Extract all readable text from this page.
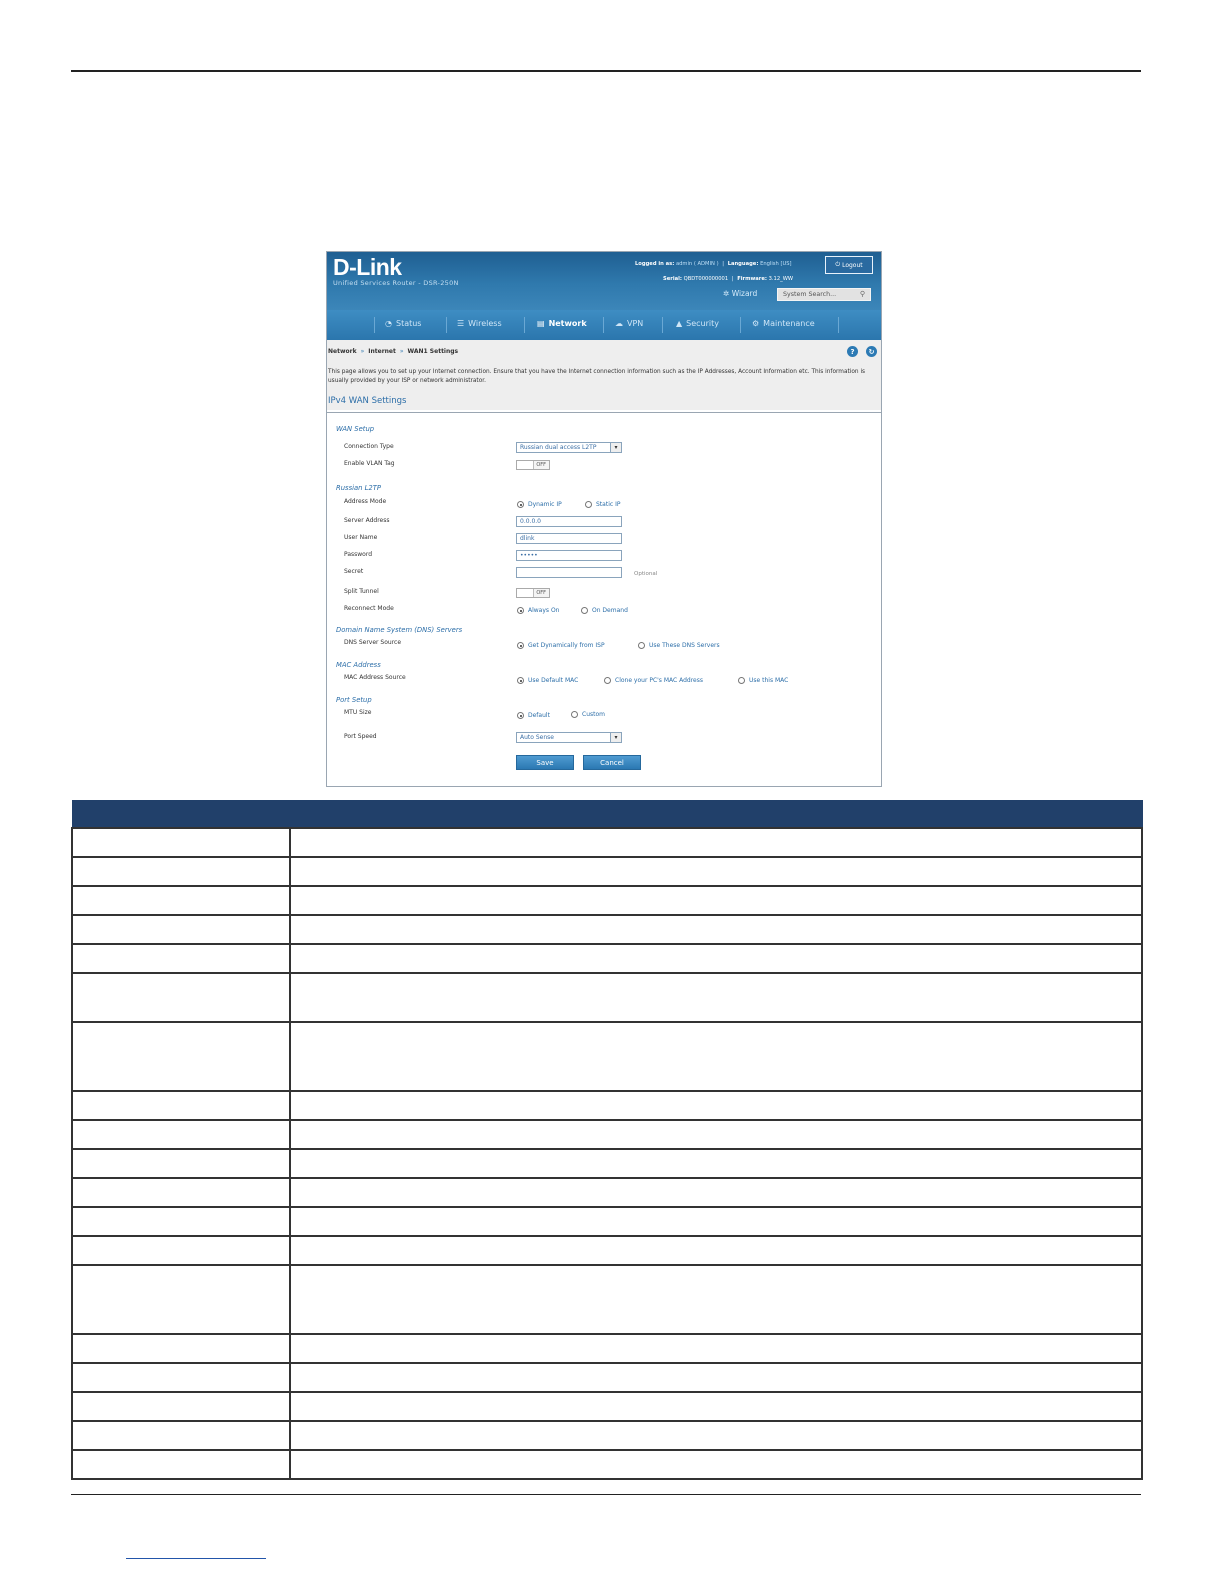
D-Link
Unified Services Router - DSR-250N
Logged in as: admin ( ADMIN ) | Language: English [US]
Serial: QBDT000000001 | Firmware: 3.12_WW
⏻ Logout
✲ Wizard	System Search...	⚲
◔ Status	☰ Wireless	▤ Network	☁ VPN	▲ Security	⚙ Maintenance
Network » Internet » WAN1 Settings	?	↻
This page allows you to set up your Internet connection. Ensure that you have the Internet connection information such as the IP Addresses, Account Information etc. This information is usually provided by your ISP or network administrator.
IPv4 WAN Settings
WAN Setup
Connection Type	Russian dual access L2TP	▾
Enable VLAN Tag	OFF
Russian L2TP
Address Mode	Dynamic IP	Static IP
Server Address	0.0.0.0
User Name	dlink
Password	•••••
Secret	Optional
Split Tunnel	OFF
Reconnect Mode	Always On	On Demand
Domain Name System (DNS) Servers
DNS Server Source	Get Dynamically from ISP	Use These DNS Servers
MAC Address
MAC Address Source	Use Default MAC	Clone your PC's MAC Address	Use this MAC
Port Setup
MTU Size	Default	Custom
Port Speed	Auto Sense	▾
Save	Cancel
